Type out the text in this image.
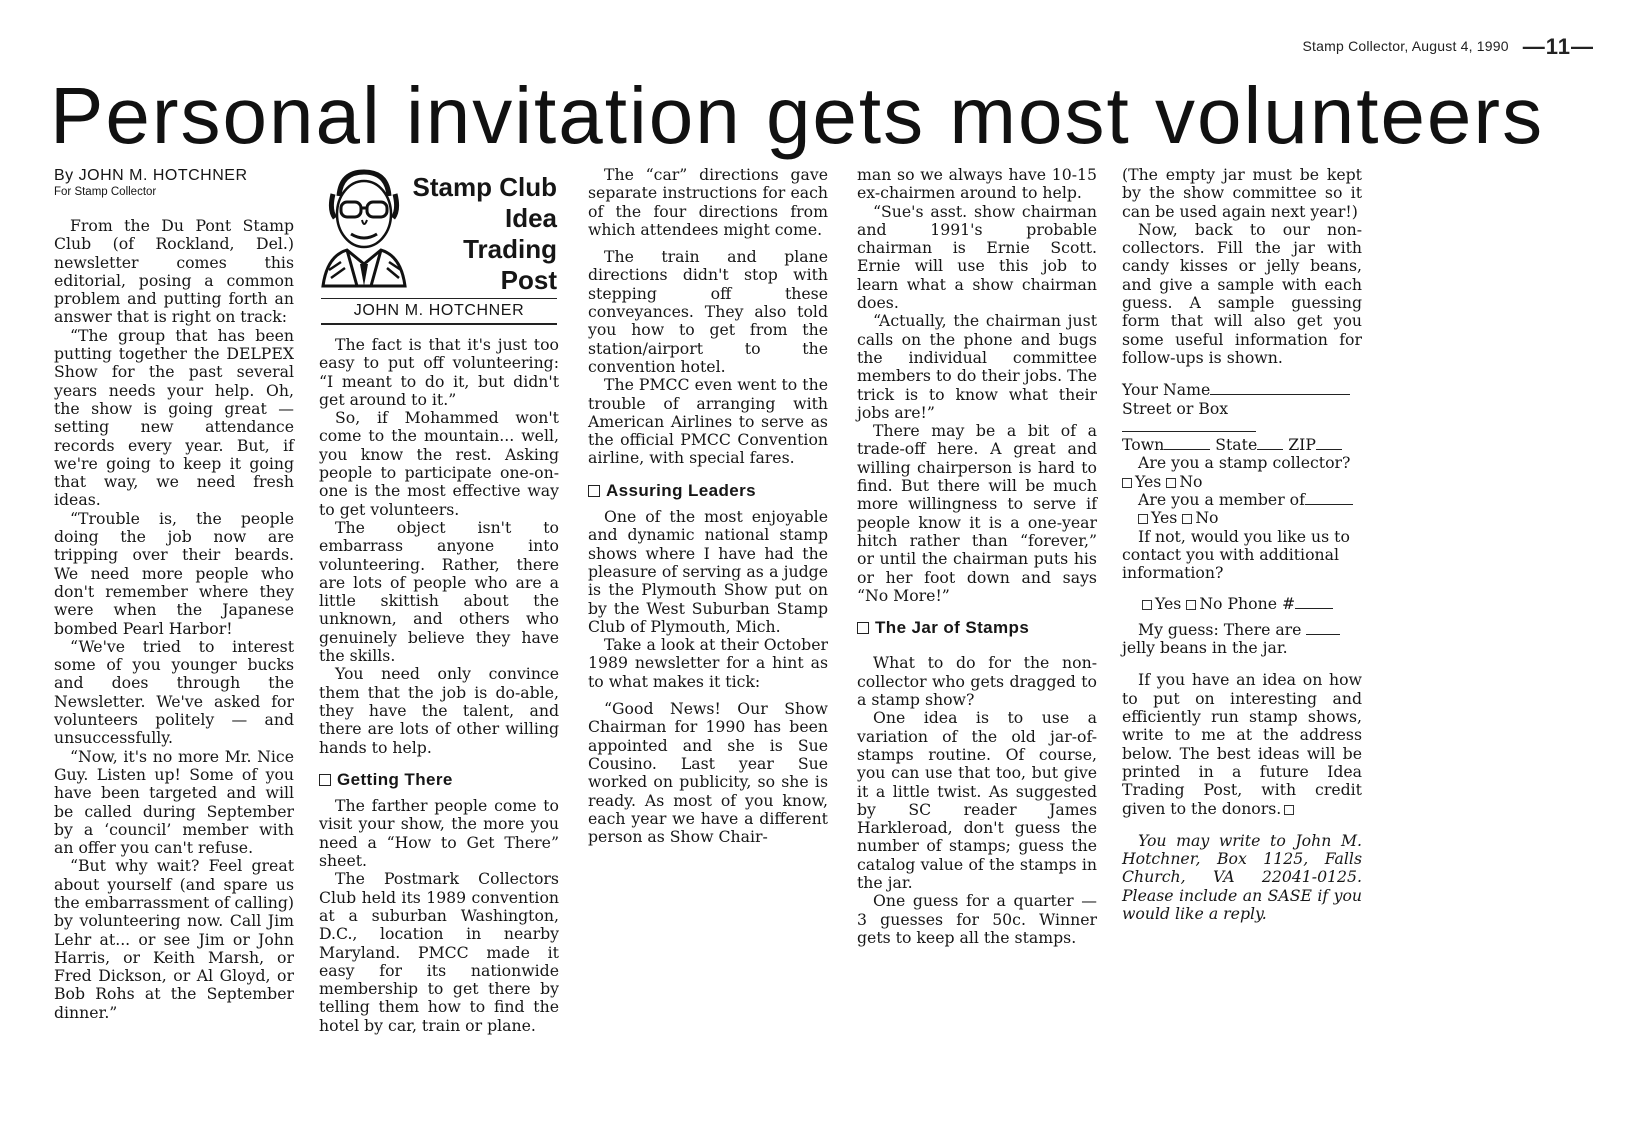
Stamp Collector, August 4, 1990 —11—
Personal invitation gets most volunteers
By JOHN M. HOTCHNER
For Stamp Collector

From the Du Pont Stamp Club (of Rockland, Del.) newsletter comes this editorial, posing a common problem and putting forth an answer that is right on track:

“The group that has been putting together the DELPEX Show for the past several years needs your help. Oh, the show is going great — setting new attendance records every year. But, if we're going to keep it going that way, we need fresh ideas.

“Trouble is, the people doing the job now are tripping over their beards. We need more people who don't remember where they were when the Japanese bombed Pearl Harbor!

“We've tried to interest some of you younger bucks and does through the Newsletter. We've asked for volunteers politely — and unsuccessfully.

“Now, it's no more Mr. Nice Guy. Listen up! Some of you have been targeted and will be called during September by a ‘council’ member with an offer you can't refuse.

“But why wait? Feel great about yourself (and spare us the embarrassment of calling) by volunteering now. Call Jim Lehr at... or see Jim or John Harris, or Keith Marsh, or Fred Dickson, or Al Gloyd, or Bob Rohs at the September dinner.”

Stamp Club
Idea
Trading
Post
JOHN M. HOTCHNER

The fact is that it's just too easy to put off volunteering: “I meant to do it, but didn't get around to it.”

So, if Mohammed won't come to the mountain... well, you know the rest. Asking people to participate one-on-one is the most effective way to get volunteers.

The object isn't to embarrass anyone into volunteering. Rather, there are lots of people who are a little skittish about the unknown, and others who genuinely believe they have the skills.

You need only convince them that the job is do-able, they have the talent, and there are lots of other willing hands to help.

Getting There

The farther people come to visit your show, the more you need a “How to Get There” sheet.

The Postmark Collectors Club held its 1989 convention at a suburban Washington, D.C., location in nearby Maryland. PMCC made it easy for its nationwide membership to get there by telling them how to find the hotel by car, train or plane.

The “car” directions gave separate instructions for each of the four directions from which attendees might come.

The train and plane directions didn't stop with stepping off these conveyances. They also told you how to get from the station/airport to the convention hotel.

The PMCC even went to the trouble of arranging with American Airlines to serve as the official PMCC Convention airline, with special fares.

Assuring Leaders

One of the most enjoyable and dynamic national stamp shows where I have had the pleasure of serving as a judge is the Plymouth Show put on by the West Suburban Stamp Club of Plymouth, Mich.

Take a look at their October 1989 newsletter for a hint as to what makes it tick:

“Good News! Our Show Chairman for 1990 has been appointed and she is Sue Cousino. Last year Sue worked on publicity, so she is ready. As most of you know, each year we have a different person as Show Chair-

man so we always have 10-15 ex-chairmen around to help.

“Sue's asst. show chairman and 1991's probable chairman is Ernie Scott. Ernie will use this job to learn what a show chairman does.

“Actually, the chairman just calls on the phone and bugs the individual committee members to do their jobs. The trick is to know what their jobs are!”

There may be a bit of a trade-off here. A great and willing chairperson is hard to find. But there will be much more willingness to serve if people know it is a one-year hitch rather than “forever,” or until the chairman puts his or her foot down and says “No More!”

The Jar of Stamps

What to do for the non-collector who gets dragged to a stamp show?

One idea is to use a variation of the old jar-of-stamps routine. Of course, you can use that too, but give it a little twist. As suggested by SC reader James Harkleroad, don't guess the number of stamps; guess the catalog value of the stamps in the jar.

One guess for a quarter — 3 guesses for 50c. Winner gets to keep all the stamps.

(The empty jar must be kept by the show committee so it can be used again next year!)

Now, back to our non-collectors. Fill the jar with candy kisses or jelly beans, and give a sample with each guess. A sample guessing form that will also get you some useful information for follow-ups is shown.

Your Name
Street or Box
Town	State ZIP
Are you a stamp collector?
Yes No
Are you a member of
Yes No

If not, would you like us to contact you with additional information?

Yes No Phone #

My guess: There are  jelly beans in the jar.

If you have an idea on how to put on interesting and efficiently run stamp shows, write to me at the address below. The best ideas will be printed in a future Idea Trading Post, with credit given to the donors.

You may write to John M. Hotchner, Box 1125, Falls Church, VA 22041-0125. Please include an SASE if you would like a reply.
